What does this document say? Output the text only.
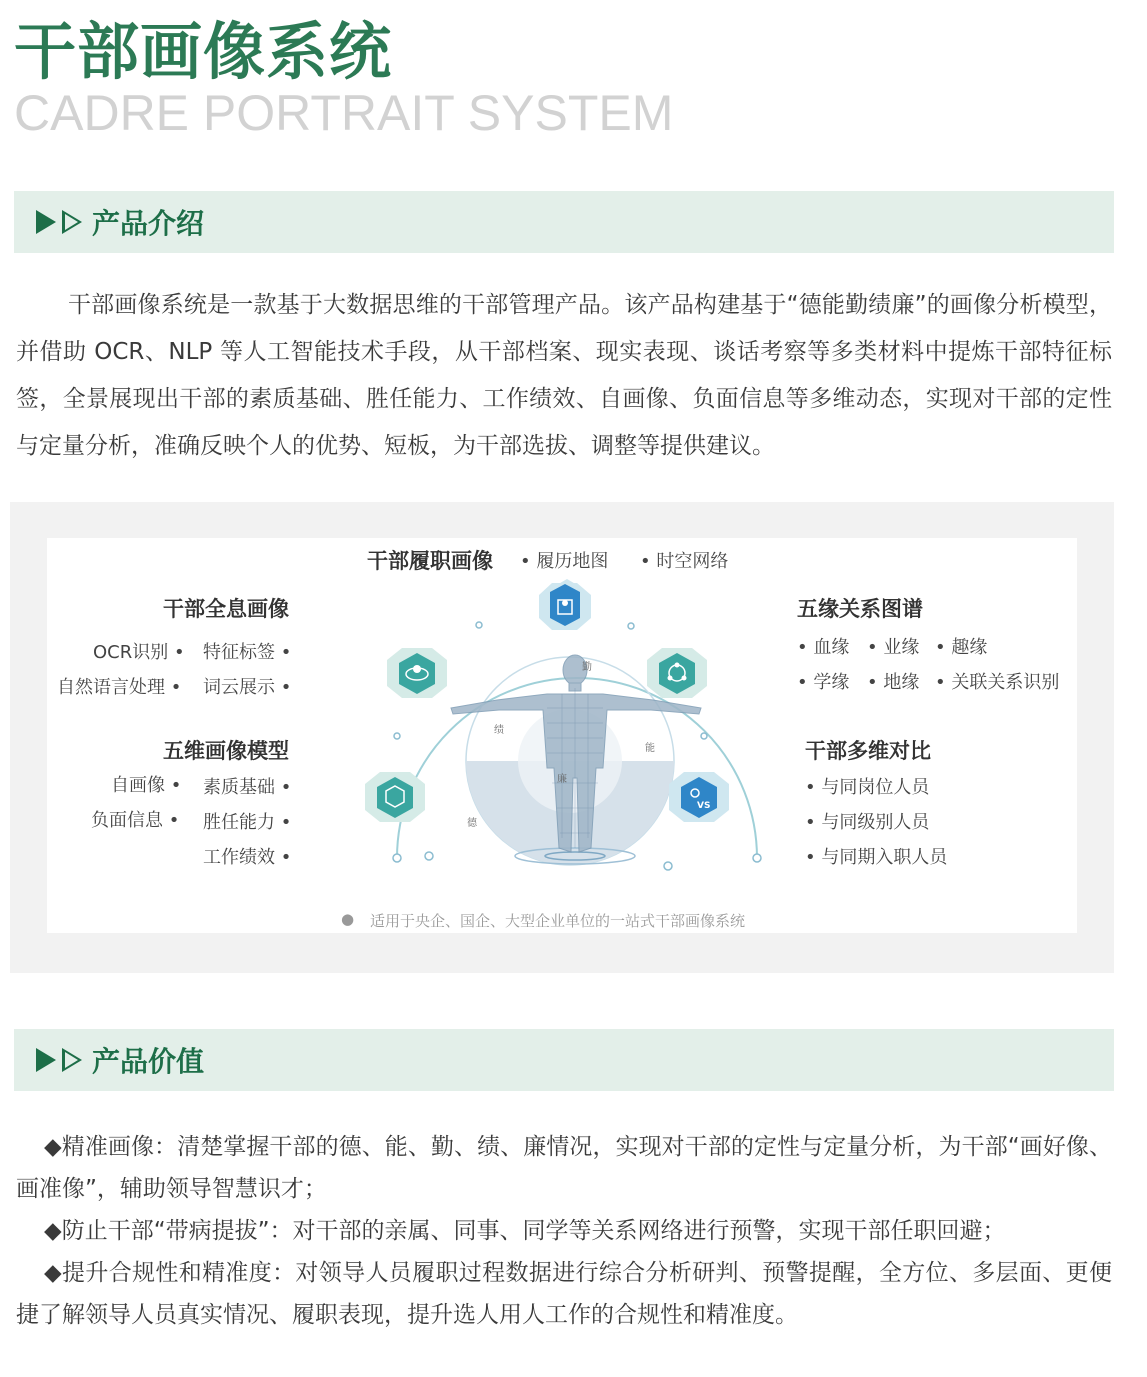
干部画像系统
CADRE PORTRAIT SYSTEM
产品介绍

干部画像系统是一款基于大数据思维的干部管理产品。该产品构建基于“德能勤绩廉”的画像分析模型，并借助 OCR、NLP 等人工智能技术手段，从干部档案、现实表现、谈话考察等多类材料中提炼干部特征标签，全景展现出干部的素质基础、胜任能力、工作绩效、自画像、负面信息等多维动态，实现对干部的定性与定量分析，准确反映个人的优势、短板，为干部选拔、调整等提供建议。

勤
能
绩
廉
德
VS
干部履职画像 • 履历地图 • 时空网络
干部全息画像
OCR识别 • 特征标签 •
自然语言处理 • 词云展示 •
五维画像模型
自画像 • 素质基础 •
负面信息 • 胜任能力 •
工作绩效 •
五缘关系图谱
• 血缘 • 业缘 • 趣缘
• 学缘 • 地缘 • 关联关系识别
干部多维对比
• 与同岗位人员
• 与同级别人员
• 与同期入职人员
● 适用于央企、国企、大型企业单位的一站式干部画像系统
产品价值

◆精准画像：清楚掌握干部的德、能、勤、绩、廉情况，实现对干部的定性与定量分析，为干部“画好像、画准像”，辅助领导智慧识才；

◆防止干部“带病提拔”：对干部的亲属、同事、同学等关系网络进行预警，实现干部任职回避；

◆提升合规性和精准度：对领导人员履职过程数据进行综合分析研判、预警提醒，全方位、多层面、更便捷了解领导人员真实情况、履职表现，提升选人用人工作的合规性和精准度。
